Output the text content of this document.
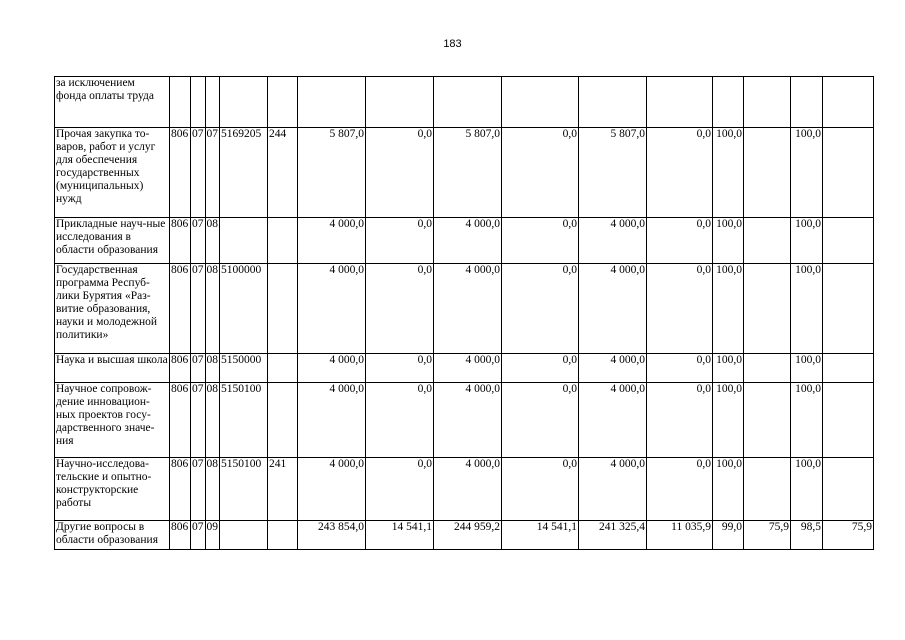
183
за исключением фонда оплаты труда															
Прочая закупка то-варов, работ и услуг для обеспечения государственных (муниципальных) нужд	806	07	07	5169205	244	5 807,0	0,0	5 807,0	0,0	5 807,0	0,0	100,0		100,0	
Прикладные науч-ные исследования в области образования	806	07	08			4 000,0	0,0	4 000,0	0,0	4 000,0	0,0	100,0		100,0	
Государственная программа Респуб-лики Бурятия «Раз-витие образования, науки и молодежной политики»	806	07	08	5100000		4 000,0	0,0	4 000,0	0,0	4 000,0	0,0	100,0		100,0	
Наука и высшая школа	806	07	08	5150000		4 000,0	0,0	4 000,0	0,0	4 000,0	0,0	100,0		100,0	
Научное сопровож-дение инновацион-ных проектов госу-дарственного значе-ния	806	07	08	5150100		4 000,0	0,0	4 000,0	0,0	4 000,0	0,0	100,0		100,0	
Научно-исследова-тельские и опытно-конструкторские работы	806	07	08	5150100	241	4 000,0	0,0	4 000,0	0,0	4 000,0	0,0	100,0		100,0	
Другие вопросы в области образования	806	07	09			243 854,0	14 541,1	244 959,2	14 541,1	241 325,4	11 035,9	99,0	75,9	98,5	75,9
